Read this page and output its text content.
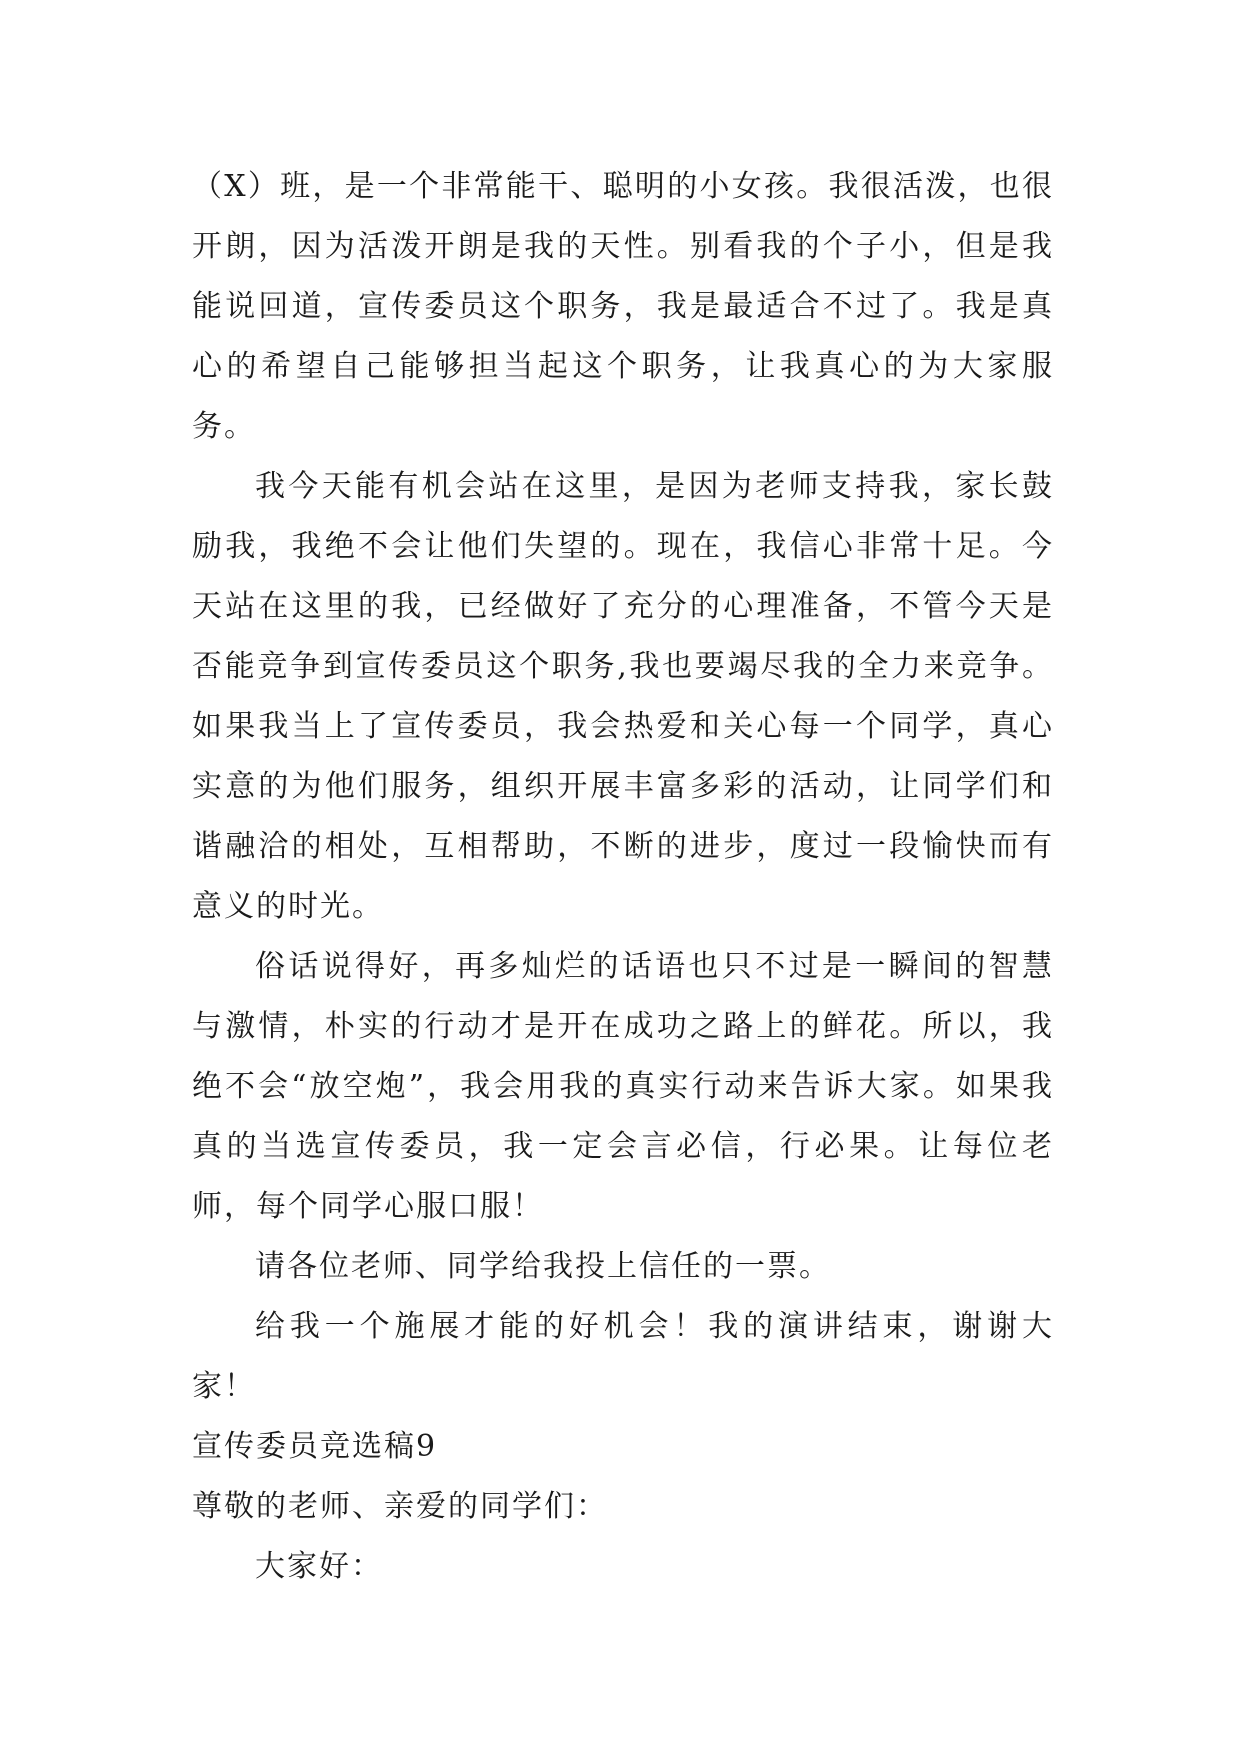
（X）班，是一个非常能干、聪明的小女孩。我很活泼，也很开朗，因为活泼开朗是我的天性。别看我的个子小，但是我能说回道，宣传委员这个职务，我是最适合不过了。我是真心的希望自己能够担当起这个职务，让我真心的为大家服务。

我今天能有机会站在这里，是因为老师支持我，家长鼓励我，我绝不会让他们失望的。现在，我信心非常十足。今天站在这里的我，已经做好了充分的心理准备，不管今天是否能竞争到宣传委员这个职务,我也要竭尽我的全力来竞争。如果我当上了宣传委员，我会热爱和关心每一个同学，真心实意的为他们服务，组织开展丰富多彩的活动，让同学们和谐融洽的相处，互相帮助，不断的进步，度过一段愉快而有意义的时光。

俗话说得好，再多灿烂的话语也只不过是一瞬间的智慧与激情，朴实的行动才是开在成功之路上的鲜花。所以，我绝不会“放空炮”，我会用我的真实行动来告诉大家。如果我真的当选宣传委员，我一定会言必信，行必果。让每位老师，每个同学心服口服！

请各位老师、同学给我投上信任的一票。

给我一个施展才能的好机会！我的演讲结束，谢谢大家！

宣传委员竞选稿9

尊敬的老师、亲爱的同学们：

大家好：
